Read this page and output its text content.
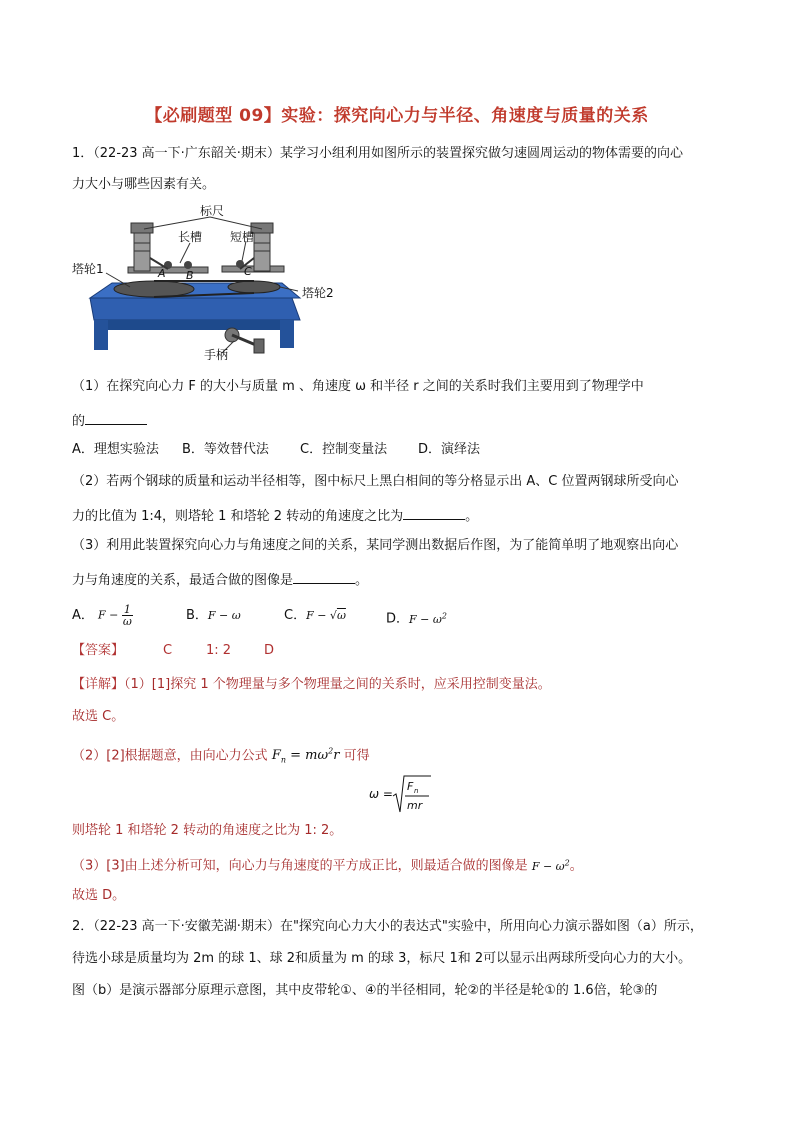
【必刷题型 09】实验：探究向心力与半径、角速度与质量的关系
1．（22-23 高一下·广东韶关·期末）某学习小组利用如图所示的装置探究做匀速圆周运动的物体需要的向心
力大小与哪些因素有关。
标尺
长槽 短槽
塔轮1
塔轮2
手柄
A B	C
（1）在探究向心力 F 的大小与质量 m 、角速度 ω 和半径 r 之间的关系时我们主要用到了物理学中
的
A．理想实验法 B．等效替代法 C．控制变量法 D．演绎法
（2）若两个钢球的质量和运动半径相等，图中标尺上黑白相间的等分格显示出 A、C 位置两钢球所受向心
力的比值为 1:4，则塔轮 1 和塔轮 2 转动的角速度之比为	。
（3）利用此装置探究向心力与角速度之间的关系，某同学测出数据后作图，为了能简单明了地观察出向心
力与角速度的关系，最适合做的图像是	。
A． $F - \frac{1}{\omega}$	B．F − ω	C．F − √ω	D．$F - \omega^2$
【答案】	C	1: 2	D
【详解】（1）[1]探究 1 个物理量与多个物理量之间的关系时，应采用控制变量法。
故选 C。
（2）[2]根据题意，由向心力公式 $F_n = m\omega^2r$ 可得
ω =
F n
mr
则塔轮 1 和塔轮 2 转动的角速度之比为 1: 2。
（3）[3]由上述分析可知，向心力与角速度的平方成正比，则最适合做的图像是 $F - \omega^2$。
故选 D。
2．（22-23 高一下·安徽芜湖·期末）在"探究向心力大小的表达式"实验中，所用向心力演示器如图（a）所示，
待选小球是质量均为 2m 的球 1、球 2和质量为 m 的球 3，标尺 1和 2可以显示出两球所受向心力的大小。
图（b）是演示器部分原理示意图，其中皮带轮①、④的半径相同，轮②的半径是轮①的 1.6倍，轮③的
